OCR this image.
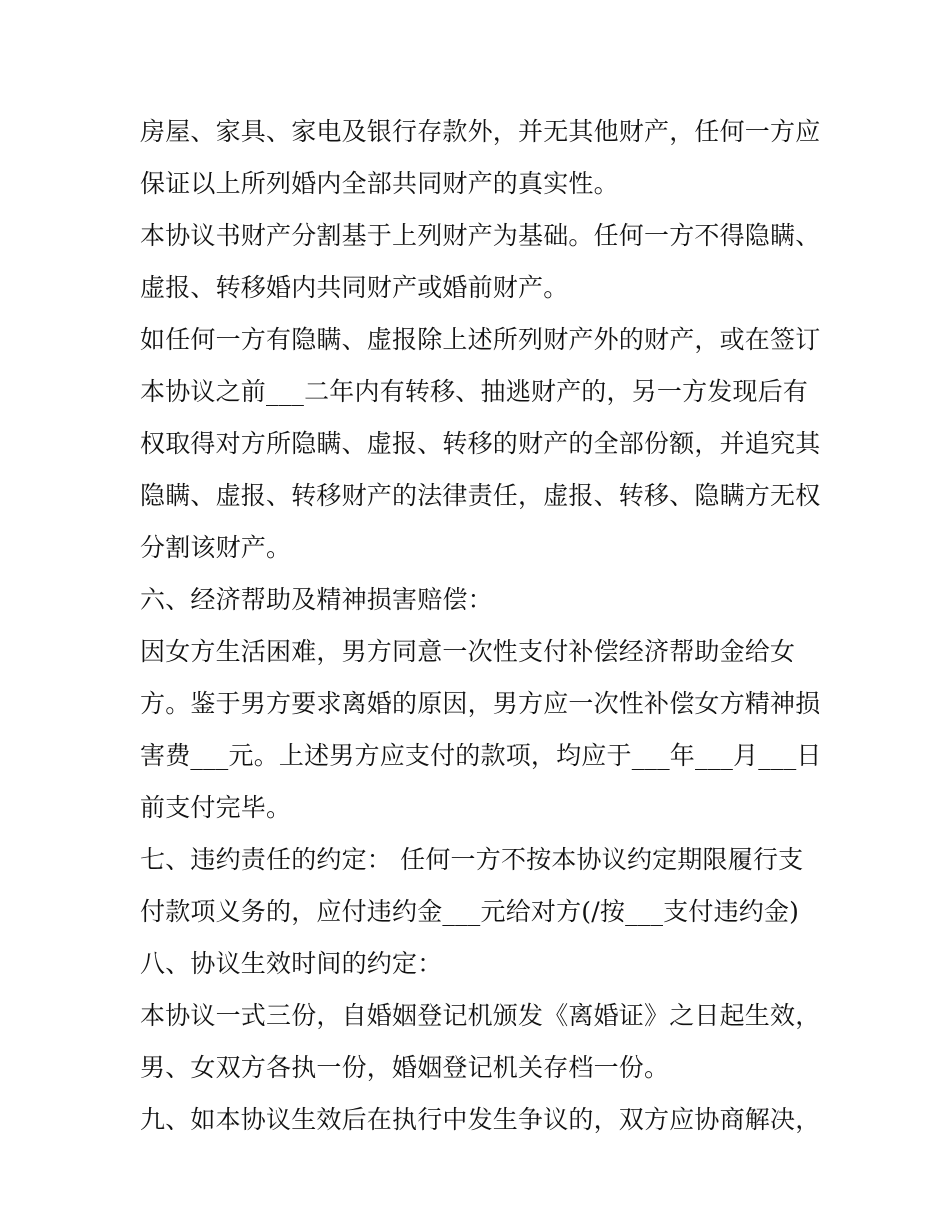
房屋、家具、家电及银行存款外，并无其他财产，任何一方应
保证以上所列婚内全部共同财产的真实性。
本协议书财产分割基于上列财产为基础。任何一方不得隐瞒、
虚报、转移婚内共同财产或婚前财产。
如任何一方有隐瞒、虚报除上述所列财产外的财产，或在签订
本协议之前___二年内有转移、抽逃财产的，另一方发现后有
权取得对方所隐瞒、虚报、转移的财产的全部份额，并追究其
隐瞒、虚报、转移财产的法律责任，虚报、转移、隐瞒方无权
分割该财产。
六、经济帮助及精神损害赔偿：
因女方生活困难，男方同意一次性支付补偿经济帮助金给女
方。鉴于男方要求离婚的原因，男方应一次性补偿女方精神损
害费___元。上述男方应支付的款项，均应于___年___月___日
前支付完毕。
七、违约责任的约定： 任何一方不按本协议约定期限履行支
付款项义务的，应付违约金___元给对方(/按___支付违约金)
八、协议生效时间的约定：
本协议一式三份，自婚姻登记机颁发《离婚证》之日起生效，
男、女双方各执一份，婚姻登记机关存档一份。
九、如本协议生效后在执行中发生争议的，双方应协商解决，
